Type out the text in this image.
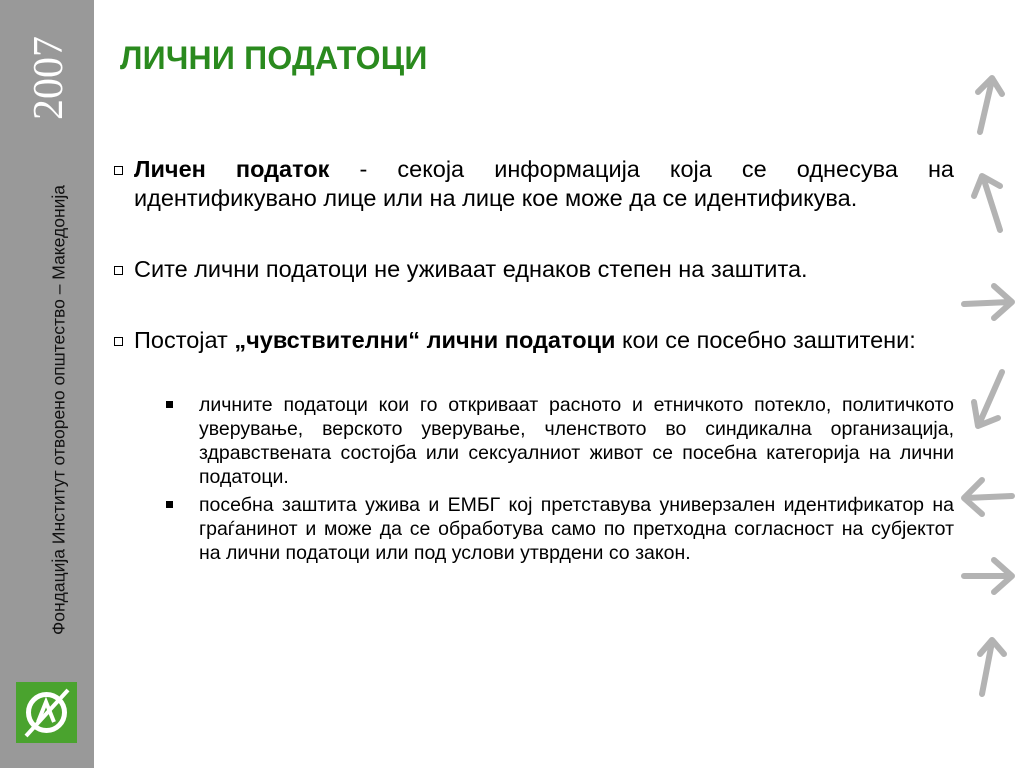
2007
Фондација Институт отворено општество – Македонија
ЛИЧНИ ПОДАТОЦИ
Личен податок - секоја информација која се однесува на идентификувано лице или на лице кое може да се идентификува.
Сите лични податоци не уживаат еднаков степен на заштита.
Постојат „чувствителни“ лични податоци кои се посебно заштитени:
личните податоци кои го откриваат расното и етничкото потекло, политичкото уверување, верското уверување, членството во синдикална организација, здравствената состојба или сексуалниот живот се посебна категорија на лични податоци.
посебна заштита ужива и ЕМБГ кој претставува универзален идентификатор на граѓанинот и може да се обработува само по претходна согласност на субјектот на лични податоци или под услови утврдени со закон.
